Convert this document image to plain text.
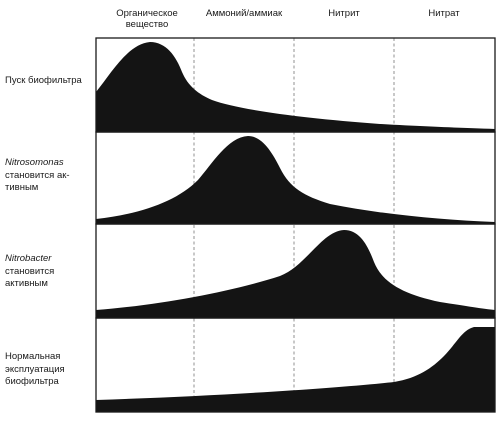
Органическое
вещество
Аммоний/аммиак	Нитрит	Нитрат
Пуск биофильтра
Nitrosomonas
становится ак-
тивным
Nitrobacter
становится
активным
Нормальная
эксплуатация
биофильтра
